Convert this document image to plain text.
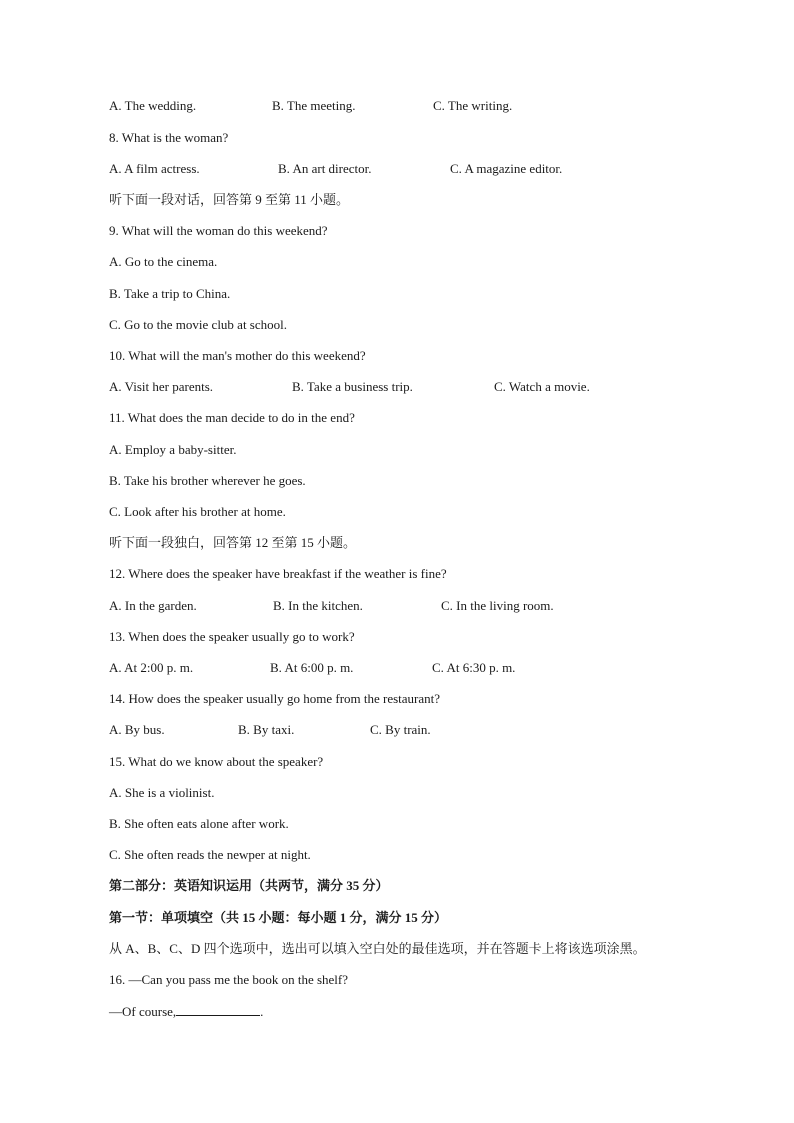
A. The wedding.	B. The meeting.	C. The writing.
8. What is the woman?
A. A film actress.	B. An art director.	C. A magazine editor.
听下面一段对话，回答第 9 至第 11 小题。
9. What will the woman do this weekend?
A. Go to the cinema.
B. Take a trip to China.
C. Go to the movie club at school.
10. What will the man's mother do this weekend?
A. Visit her parents.	B. Take a business trip.	C. Watch a movie.
11. What does the man decide to do in the end?
A. Employ a baby-sitter.
B. Take his brother wherever he goes.
C. Look after his brother at home.
听下面一段独白，回答第 12 至第 15 小题。
12. Where does the speaker have breakfast if the weather is fine?
A. In the garden.	B. In the kitchen.	C. In the living room.
13. When does the speaker usually go to work?
A. At 2:00 p. m.	B. At 6:00 p. m.	C. At 6:30 p. m.
14. How does the speaker usually go home from the restaurant?
A. By bus.	B. By taxi.	C. By train.
15. What do we know about the speaker?
A. She is a violinist.
B. She often eats alone after work.
C. She often reads the newper at night.
第二部分：英语知识运用（共两节，满分 35 分）
第一节：单项填空（共 15 小题：每小题 1 分，满分 15 分）
从 A、B、C、D 四个选项中，选出可以填入空白处的最佳选项，并在答题卡上将该选项涂黑。
16. —Can you pass me the book on the shelf?
—Of course,	.
